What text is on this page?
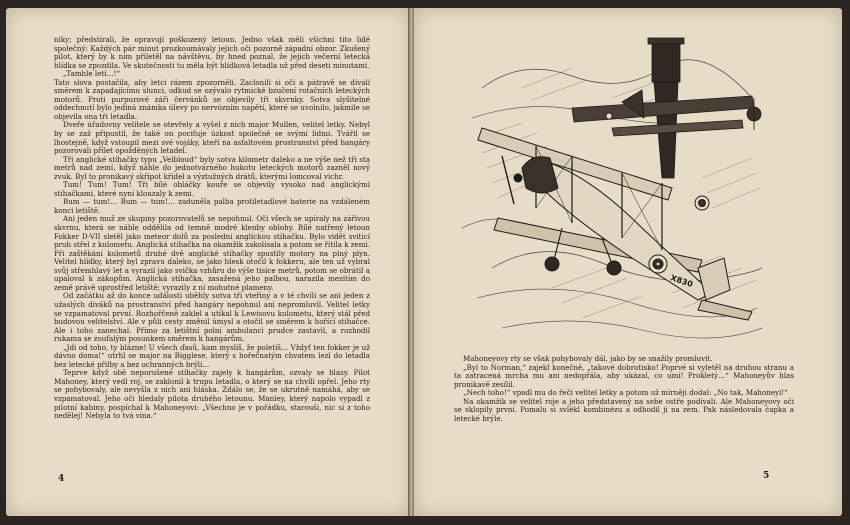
niky; předstírali, že opravují poškozený letoun. Jedno však měli všichni tito lidé společný: Každých pár minut prozkoumávaly jejich oči pozorně západní obzor. Zkušený pilot, který by k nim přiletěl na návštěvu, by hned poznal, že jejich večerní letecká hlídka se zpozdila. Ve skutečnosti tu měla být hlídková letadla už před deseti minutami.

„Tamhle letí…!“

Tato slova postačila, aby letci rázem zpozorněli. Zaclonili si oči a pátravě se dívali směrem k zapadajícímu slunci, odkud se ozývalo rytmické bzučení rotačních leteckých motorů. Proti purpurové záři červánků se objevily tři skvrnky. Sotva slyšitelné oddechnutí bylo jediná známka úlevy po nervózním napětí, které se uvolnilo, jakmile se objevila ona tři letadla.

Dveře úřadovny velitele se otevřely a vyšel z nich major Mullen, velitel letky. Nebyl by se zaž připustil, že také on pociťuje úzkost společně se svými lidmi. Tvářil se lhostejně, když vstoupil mezi své vojáky, kteří na asfaltovém prostranství před hangáry pozorovali přílet opožděných letadel.

Tři anglické stíhačky typu „Velbloud“ byly sotva kilometr daleko a ne výše než tři sta metrů nad zemí, když náhle do jednotvárného hukotu leteckých motorů zazněl nový zvuk. Byl to pronikavý skřípot křídel a výztužných drátů, kterými lomcoval vichr.

Tum! Tum! Tum! Tři bílé obláčky kouře se objevily vysoko nad anglickými stíhačkami, které nyní klouzaly k zemi.

Bum — tum!… Bum — tum!… zaduněla palba protiletadlové baterie na vzdáleném konci letiště.

Ani jeden muž ze skupiny pozorovatelů se nepohnul. Oči všech se upíraly na zářivou skvrnu, která se náhle oddělila od temně modré klenby oblohy. Bílé natřený letoun Fokker D-VII sletěl jako meteor dolů za poslední anglickou stíhačku. Bylo vidět svítící pruh střel z kulometu. Anglická stíhačka na okamžik zakolísala a potom se řítila k zemi. Při zaštěkání kulometů druhé dvě anglické stíhačky spustily motory na plný plyn. Velitel hlídky, který byl zpravu daleko, se jako blesk otočil k fokkeru, ale ten už vybral svůj střemhlavý let a vyrazil jako svička vzhůru do výše tisíce metrů, potom se obrátil a upaloval k zákopům. Anglická stíhačka, zasažená jeho palbou, narazila mezitím do země právě uprostřed letiště; vyrazily z ní mohutné plameny.

Od začátku až do konce události uběhly sotva tři vteřiny a v té chvíli se ani jeden z užaslých diváků na prostranství před hangáry nepohnul ani nepromluvil. Velitel letky se vzpamatoval první. Rozhořčeně zaklel a utíkal k Lewisovu kulometu, který stál před budovou velitelství. Ale v půli cesty změnil úmysl a otočil se směrem k hořící stíhačce. Ale i toho zanechal. Přímo za letištní polní ambulanci prudce zastavil, a rozhodil rukama se zoufalým posunkem směrem k hangárům.

„Jdi od toho, ty blázne! U všech ďasů, kam myslíš, že poletíš… Vždyť ten fokker je už dávno doma!“ utrhl se major na Bigglese, který s hořečnatým chvatem lezl do letadla bez letecké přilby a bez ochranných brýlí…

Teprve když obě neporušené stíhačky zajely k hangárům, ozvaly se hlasy. Pilot Mahoney, který vedl roj, se zaklonil k trupu letadla, o který se na chvíli opřel. Jeho rty se pohybovaly, ale nevyšla z nich ani hláska. Zdálo se, že se ukrutně namáhá, aby se vzpamatoval. Jeho oči hledaly pilota druhého letounu. Manley, který napolo vypadl z pilotní kabiny, pospíchal k Mahoneyovi: „Všechno je v pořádku, starouši, nic si z toho nedělej! Nebyla to tvá vina.“

4
X830

Mahoneyovy rty se však pohybovaly dál, jako by se snažily promluvit.

„Byl to Norman,“ zajekl konečně, „takové dobrotisko! Poprvé si vyletěl na druhou stranu a ta zatracená mrcha mu ani nedopřála, aby ukázal, co umí! Prokletý…“ Mahoneyův hlas pronikavě zesílil.

„Nech toho!“ vpadl mu do řeči velitel letky a potom už mírněji dodal: „No tak, Mahoneyi!“

Na okamžik se velitel roje a jeho představený na sebe ostře podívali. Ale Mahoneyovy oči se sklopily první. Pomalu si svlékl kombinézu a odhodil ji na zem. Pak následovala čapka a letecké brýle.

5
